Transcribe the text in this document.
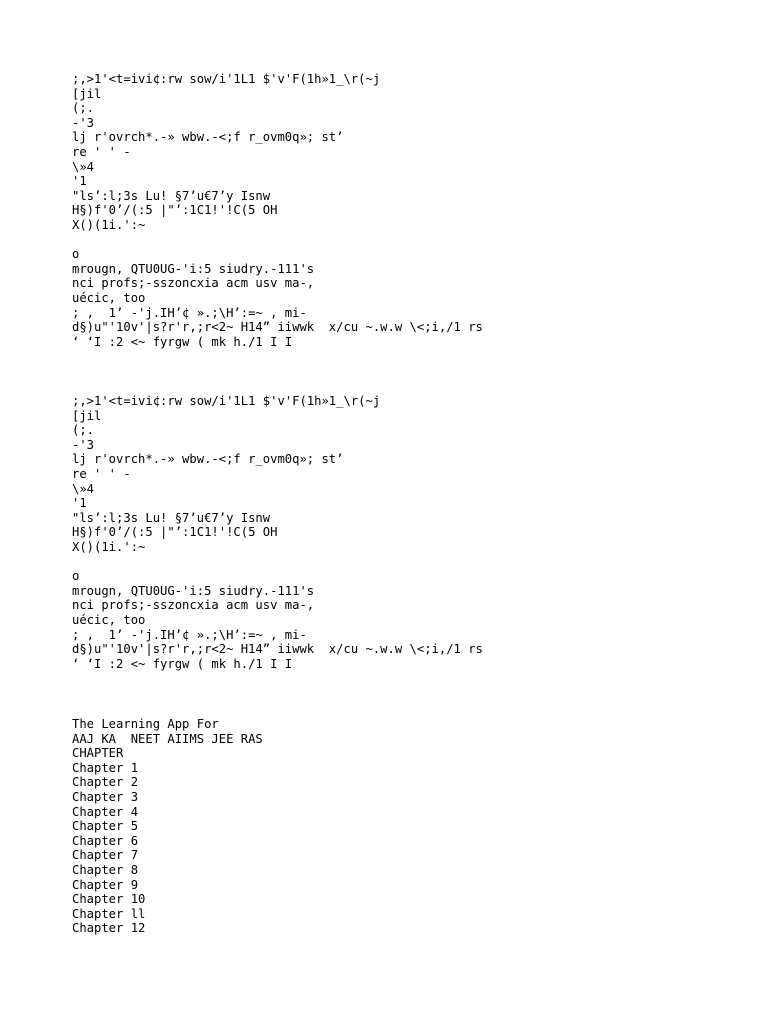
;,>1'<t=ivi¢:rw sow/i'1L1 $'v'F(1h»1_\r(~j
[jil
(;.
-'3
lj r'ovrch*.-» wbw.-<;f r_ovm0q»; st’
re ' ' -
\»4
'1
"ls’:l;3s Lu! §7’u€7’y Isnw
H§)f'0’/(:5 |"’:1C1!'!C(5 OH
X()(1i.':~
o
mrougn, QTU0UG-'i:5 siudry.-111's
nci profs;-sszoncxia acm usv ma-,
uécic, too
; ,  1’ -'j.IH’¢ ».;\H’:=~ , mi-
d§)u"'10v'|s?r'r,;r<2~ H14” iiwwk  x/cu ~.w.w \<;i,/1 rs
‘ ‘I :2 <~ fyrgw ( mk h./1 I I
;,>1'<t=ivi¢:rw sow/i'1L1 $'v'F(1h»1_\r(~j
[jil
(;.
-'3
lj r'ovrch*.-» wbw.-<;f r_ovm0q»; st’
re ' ' -
\»4
'1
"ls’:l;3s Lu! §7’u€7’y Isnw
H§)f'0’/(:5 |"’:1C1!'!C(5 OH
X()(1i.':~
o
mrougn, QTU0UG-'i:5 siudry.-111's
nci profs;-sszoncxia acm usv ma-,
uécic, too
; ,  1’ -'j.IH’¢ ».;\H’:=~ , mi-
d§)u"'10v'|s?r'r,;r<2~ H14” iiwwk  x/cu ~.w.w \<;i,/1 rs
‘ ‘I :2 <~ fyrgw ( mk h./1 I I
The Learning App For
AAJ KA  NEET AIIMS JEE RAS
CHAPTER
Chapter 1
Chapter 2
Chapter 3
Chapter 4
Chapter 5
Chapter 6
Chapter 7
Chapter 8
Chapter 9
Chapter 10
Chapter ll
Chapter 12
